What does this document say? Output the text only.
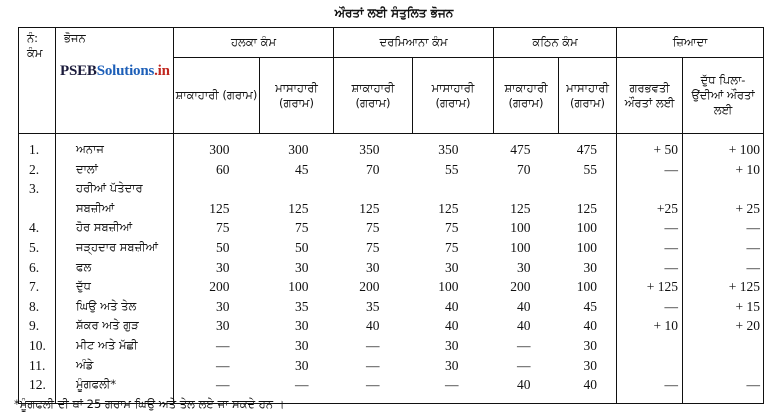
ਔਰਤਾਂ ਲਈ ਸੰਤੁਲਿਤ ਭੋਜਨ
ਨੰ: ਕੰਮ	ਭੋਜਨ	ਹਲਕਾ ਕੰਮ		ਦਰਮਿਆਨਾ ਕੰਮ		ਕਠਿਨ ਕੰਮ		ਜ਼ਿਆਦਾ	
		ਸ਼ਾਕਾਹਾਰੀ (ਗਰਾਮ)	ਮਾਸਾਹਾਰੀ (ਗਰਾਮ)	ਸ਼ਾਕਾਹਾਰੀ (ਗਰਾਮ)	ਮਾਸਾਹਾਰੀ (ਗਰਾਮ)	ਸ਼ਾਕਾਹਾਰੀ (ਗਰਾਮ)	ਮਾਸਾਹਾਰੀ (ਗਰਾਮ)	ਗਰਭਵਤੀ ਔਰਤਾਂ ਲਈ	ਦੁੱਧ ਪਿਲਾ- ਉਂਦੀਆਂ ਔਰਤਾਂ ਲਈ
1.	ਅਨਾਜ	300	300	350	350	475	475	+ 50	+ 100
2.	ਦਾਲਾਂ	60	45	70	55	70	55	—	+ 10
3.	ਹਰੀਆਂ ਪੱਤੇਦਾਰ								
	ਸਬਜ਼ੀਆਂ	125	125	125	125	125	125	+25	+ 25
4.	ਹੋਰ ਸਬਜ਼ੀਆਂ	75	75	75	75	100	100	—	—
5.	ਜੜ੍ਹਦਾਰ ਸਬਜ਼ੀਆਂ	50	50	75	75	100	100	—	—
6.	ਫਲ	30	30	30	30	30	30	—	—
7.	ਦੁੱਧ	200	100	200	100	200	100	+ 125	+ 125
8.	ਘਿਉ ਅਤੇ ਤੇਲ	30	35	35	40	40	45	—	+ 15
9.	ਸ਼ੱਕਰ ਅਤੇ ਗੁੜ	30	30	40	40	40	40	+ 10	+ 20
10.	ਮੀਟ ਅਤੇ ਮੱਛੀ	—	30	—	30	—	30		
11.	ਅੰਡੇ	—	30	—	30	—	30		
12.	ਮੂੰਗਫਲੀ*	—	—	—	—	40	40	—	—
PSEBSolutions.in
*ਮੂੰਗਫਲੀ ਦੀ ਥਾਂ 25 ਗਰਾਮ ਘਿਉ ਅਤੇ ਤੇਲ ਲਏ ਜਾ ਸਕਦੇ ਹਨ ।
